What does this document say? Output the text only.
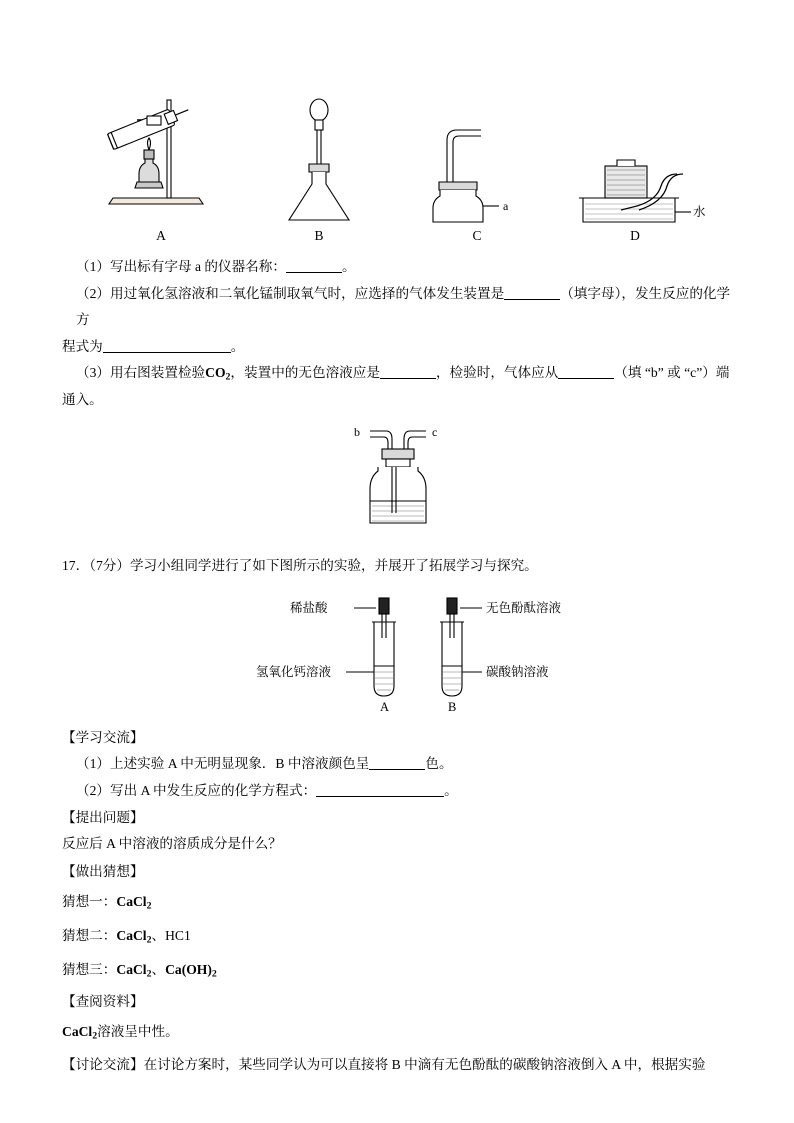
a	水
A	B	C	D

（1）写出标有字母 a 的仪器名称：	。

（2）用过氧化氢溶液和二氧化锰制取氧气时，应选择的气体发生装置是	（填字母），发生反应的化学方

程式为	。

（3）用右图装置检验$CO_2$，装置中的无色溶液应是	，检验时，气体应从	（填 “b” 或 “c”）端

通入。

b	c

17．（7分）学习小组同学进行了如下图所示的实验，并展开了拓展学习与探究。

稀盐酸	无色酚酞溶液
氢氧化钙溶液	碳酸钠溶液
A	B

【学习交流】

（1）上述实验 A 中无明显现象．B 中溶液颜色呈	色。

（2）写出 A 中发生反应的化学方程式：	。

【提出问题】

反应后 A 中溶液的溶质成分是什么？

【做出猜想】

猜想一：CaCl$_2$

猜想二：CaCl$_2$、HC1

猜想三：CaCl$_2$、$Ca(OH)_2$

【查阅资料】

CaCl$_2$溶液呈中性。

【讨论交流】在讨论方案时，某些同学认为可以直接将 B 中滴有无色酚酞的碳酸钠溶液倒入 A 中，根据实验
